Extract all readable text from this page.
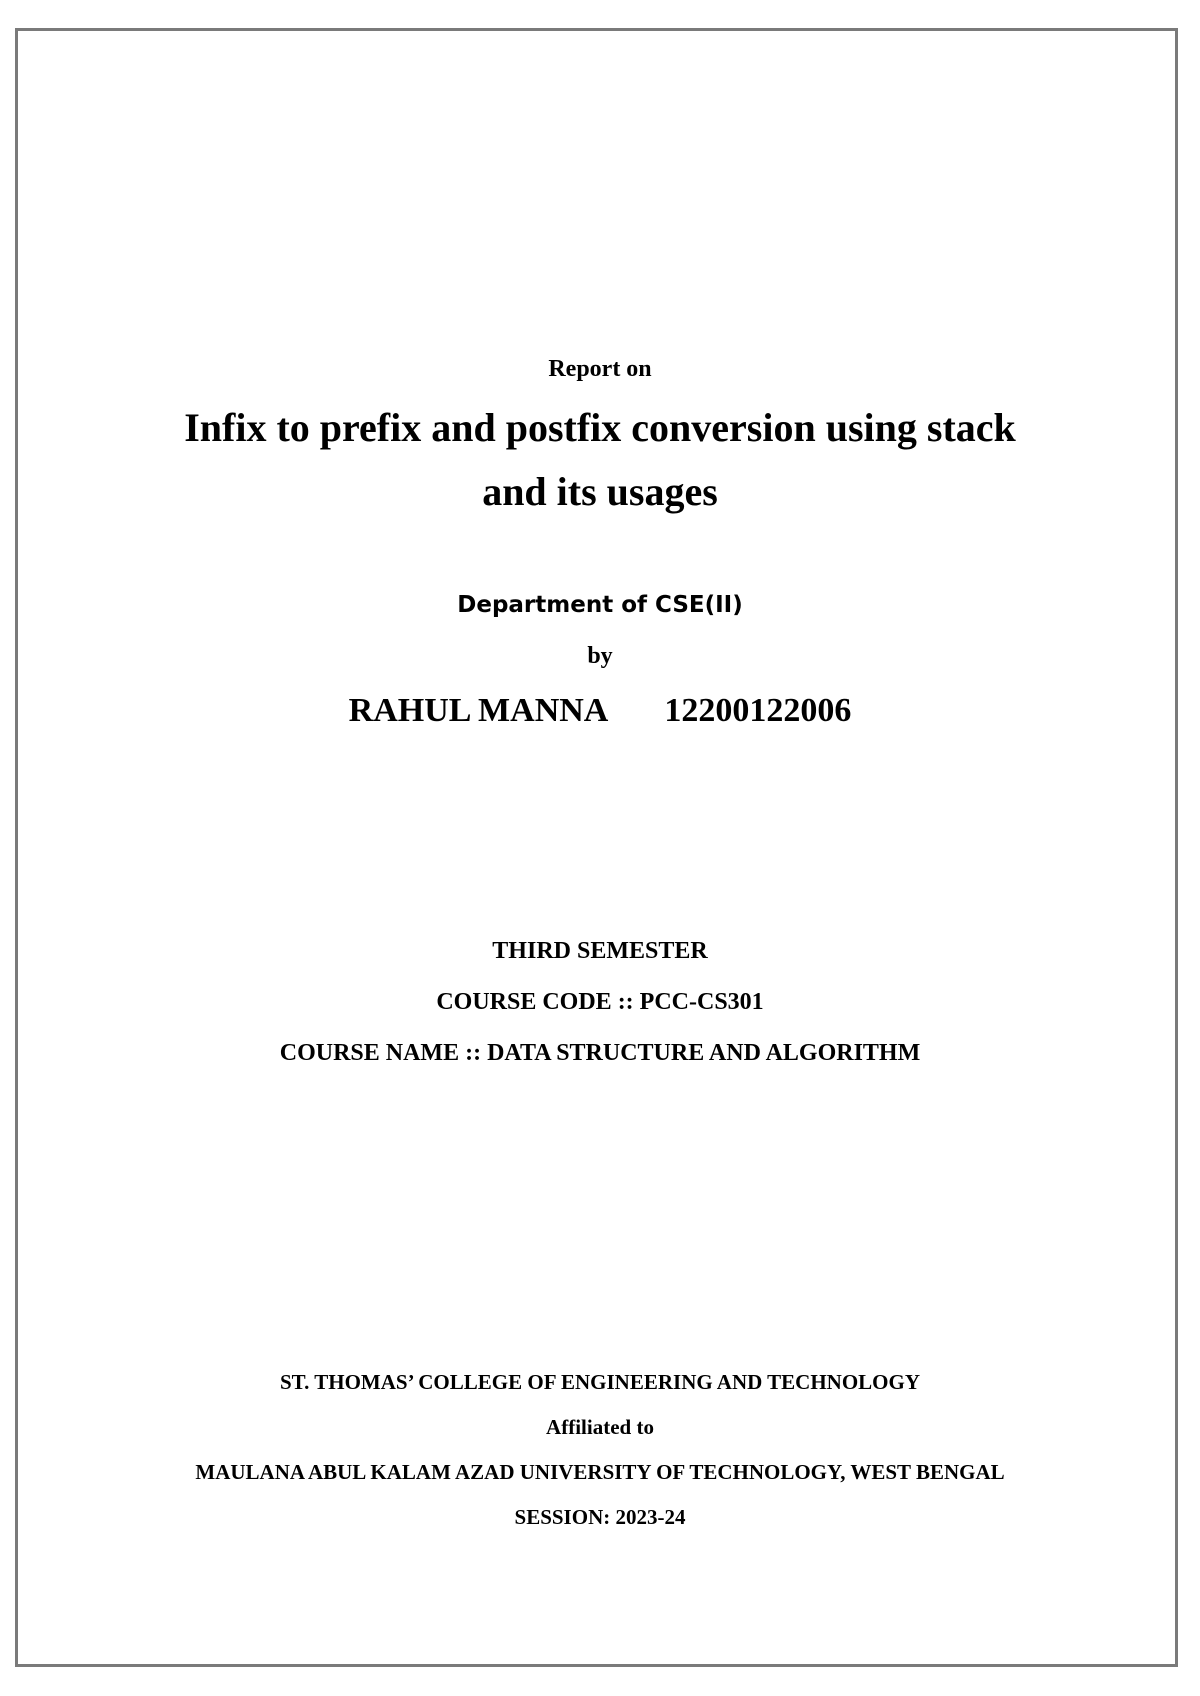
Report on
Infix to prefix and postfix conversion using stack
and its usages
Department of CSE(II)
by
RAHUL MANNA 12200122006
THIRD SEMESTER
COURSE CODE :: PCC-CS301
COURSE NAME :: DATA STRUCTURE AND ALGORITHM
ST. THOMAS’ COLLEGE OF ENGINEERING AND TECHNOLOGY
Affiliated to
MAULANA ABUL KALAM AZAD UNIVERSITY OF TECHNOLOGY, WEST BENGAL
SESSION: 2023-24
